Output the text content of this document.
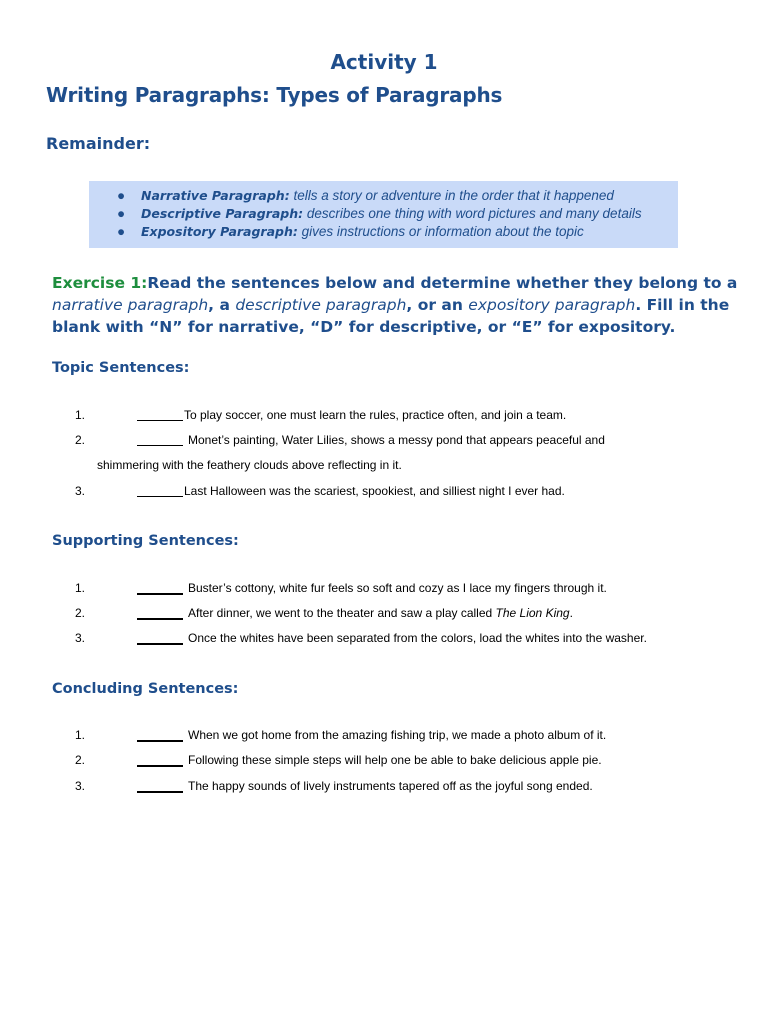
Activity 1
Writing Paragraphs: Types of Paragraphs
Remainder:
● Narrative Paragraph: tells a story or adventure in the order that it happened
● Descriptive Paragraph: describes one thing with word pictures and many details
● Expository Paragraph: gives instructions or information about the topic
Exercise 1: Read the sentences below and determine whether they belong to a
narrative paragraph, a descriptive paragraph, or an expository paragraph. Fill in the
blank with “N” for narrative, “D” for descriptive, or “E” for expository.
Topic Sentences:
1.	To play soccer, one must learn the rules, practice often, and join a team.
2.	Monet’s painting, Water Lilies, shows a messy pond that appears peaceful and
shimmering with the feathery clouds above reflecting in it.
3.	Last Halloween was the scariest, spookiest, and silliest night I ever had.
Supporting Sentences:
1.	Buster’s cottony, white fur feels so soft and cozy as I lace my fingers through it.
2.	After dinner, we went to the theater and saw a play called The Lion King.
3.	Once the whites have been separated from the colors, load the whites into the washer.
Concluding Sentences:
1.	When we got home from the amazing fishing trip, we made a photo album of it.
2.	Following these simple steps will help one be able to bake delicious apple pie.
3.	The happy sounds of lively instruments tapered off as the joyful song ended.
